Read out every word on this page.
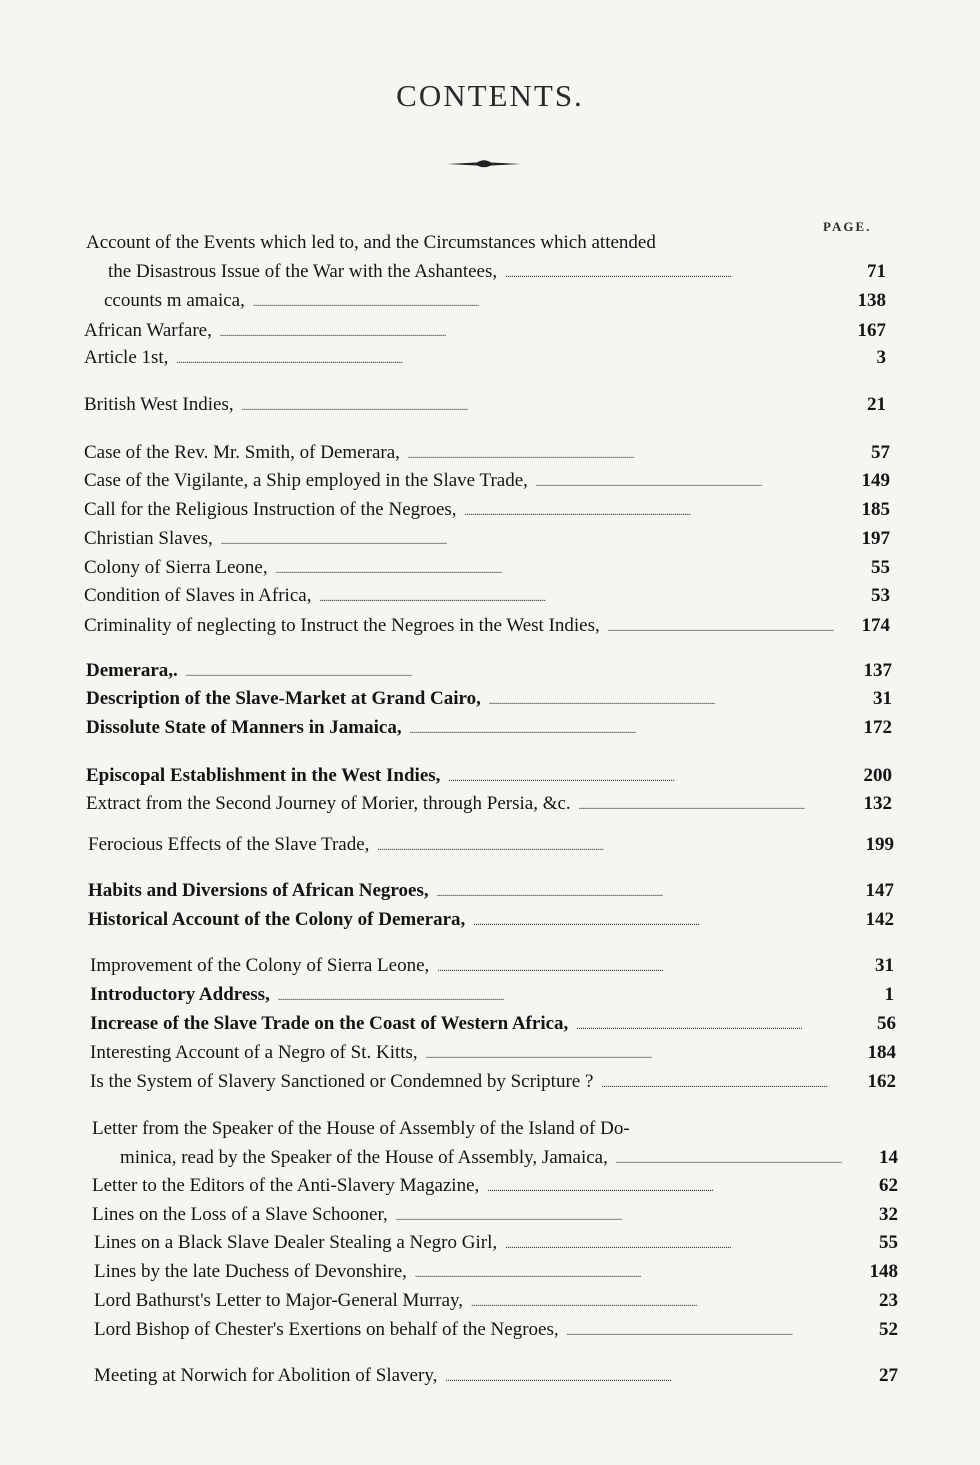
CONTENTS.
PAGE.
Account of the Events which led to, and the Circumstances which attended
the Disastrous Issue of the War with the Ashantees, . . .	71
ccounts m amaica, . . .	138
African Warfare, . . .	167
Article 1st, . . .	3
British West Indies, . . .	21
Case of the Rev. Mr. Smith, of Demerara, . . .	57
Case of the Vigilante, a Ship employed in the Slave Trade, . . .	149
Call for the Religious Instruction of the Negroes, . . .	185
Christian Slaves, . . .	197
Colony of Sierra Leone, . . .	55
Condition of Slaves in Africa, . . .	53
Criminality of neglecting to Instruct the Negroes in the West Indies, . . .	174
Demerara,. . . .	137
Description of the Slave-Market at Grand Cairo, . . .	31
Dissolute State of Manners in Jamaica, . . .	172
Episcopal Establishment in the West Indies, . . .	200
Extract from the Second Journey of Morier, through Persia, &c. . . .	132
Ferocious Effects of the Slave Trade, . . .	199
Habits and Diversions of African Negroes, . . .	147
Historical Account of the Colony of Demerara, . . .	142
Improvement of the Colony of Sierra Leone, . . .	31
Introductory Address, . . .	1
Increase of the Slave Trade on the Coast of Western Africa, . . .	56
Interesting Account of a Negro of St. Kitts, . . .	184
Is the System of Slavery Sanctioned or Condemned by Scripture ? . . .	162
Letter from the Speaker of the House of Assembly of the Island of Do-
minica, read by the Speaker of the House of Assembly, Jamaica, . . .	14
Letter to the Editors of the Anti-Slavery Magazine, . . .	62
Lines on the Loss of a Slave Schooner, . . .	32
Lines on a Black Slave Dealer Stealing a Negro Girl, . . .	55
Lines by the late Duchess of Devonshire, . . .	148
Lord Bathurst's Letter to Major-General Murray, . . .	23
Lord Bishop of Chester's Exertions on behalf of the Negroes, . . .	52
Meeting at Norwich for Abolition of Slavery, . . .	27
